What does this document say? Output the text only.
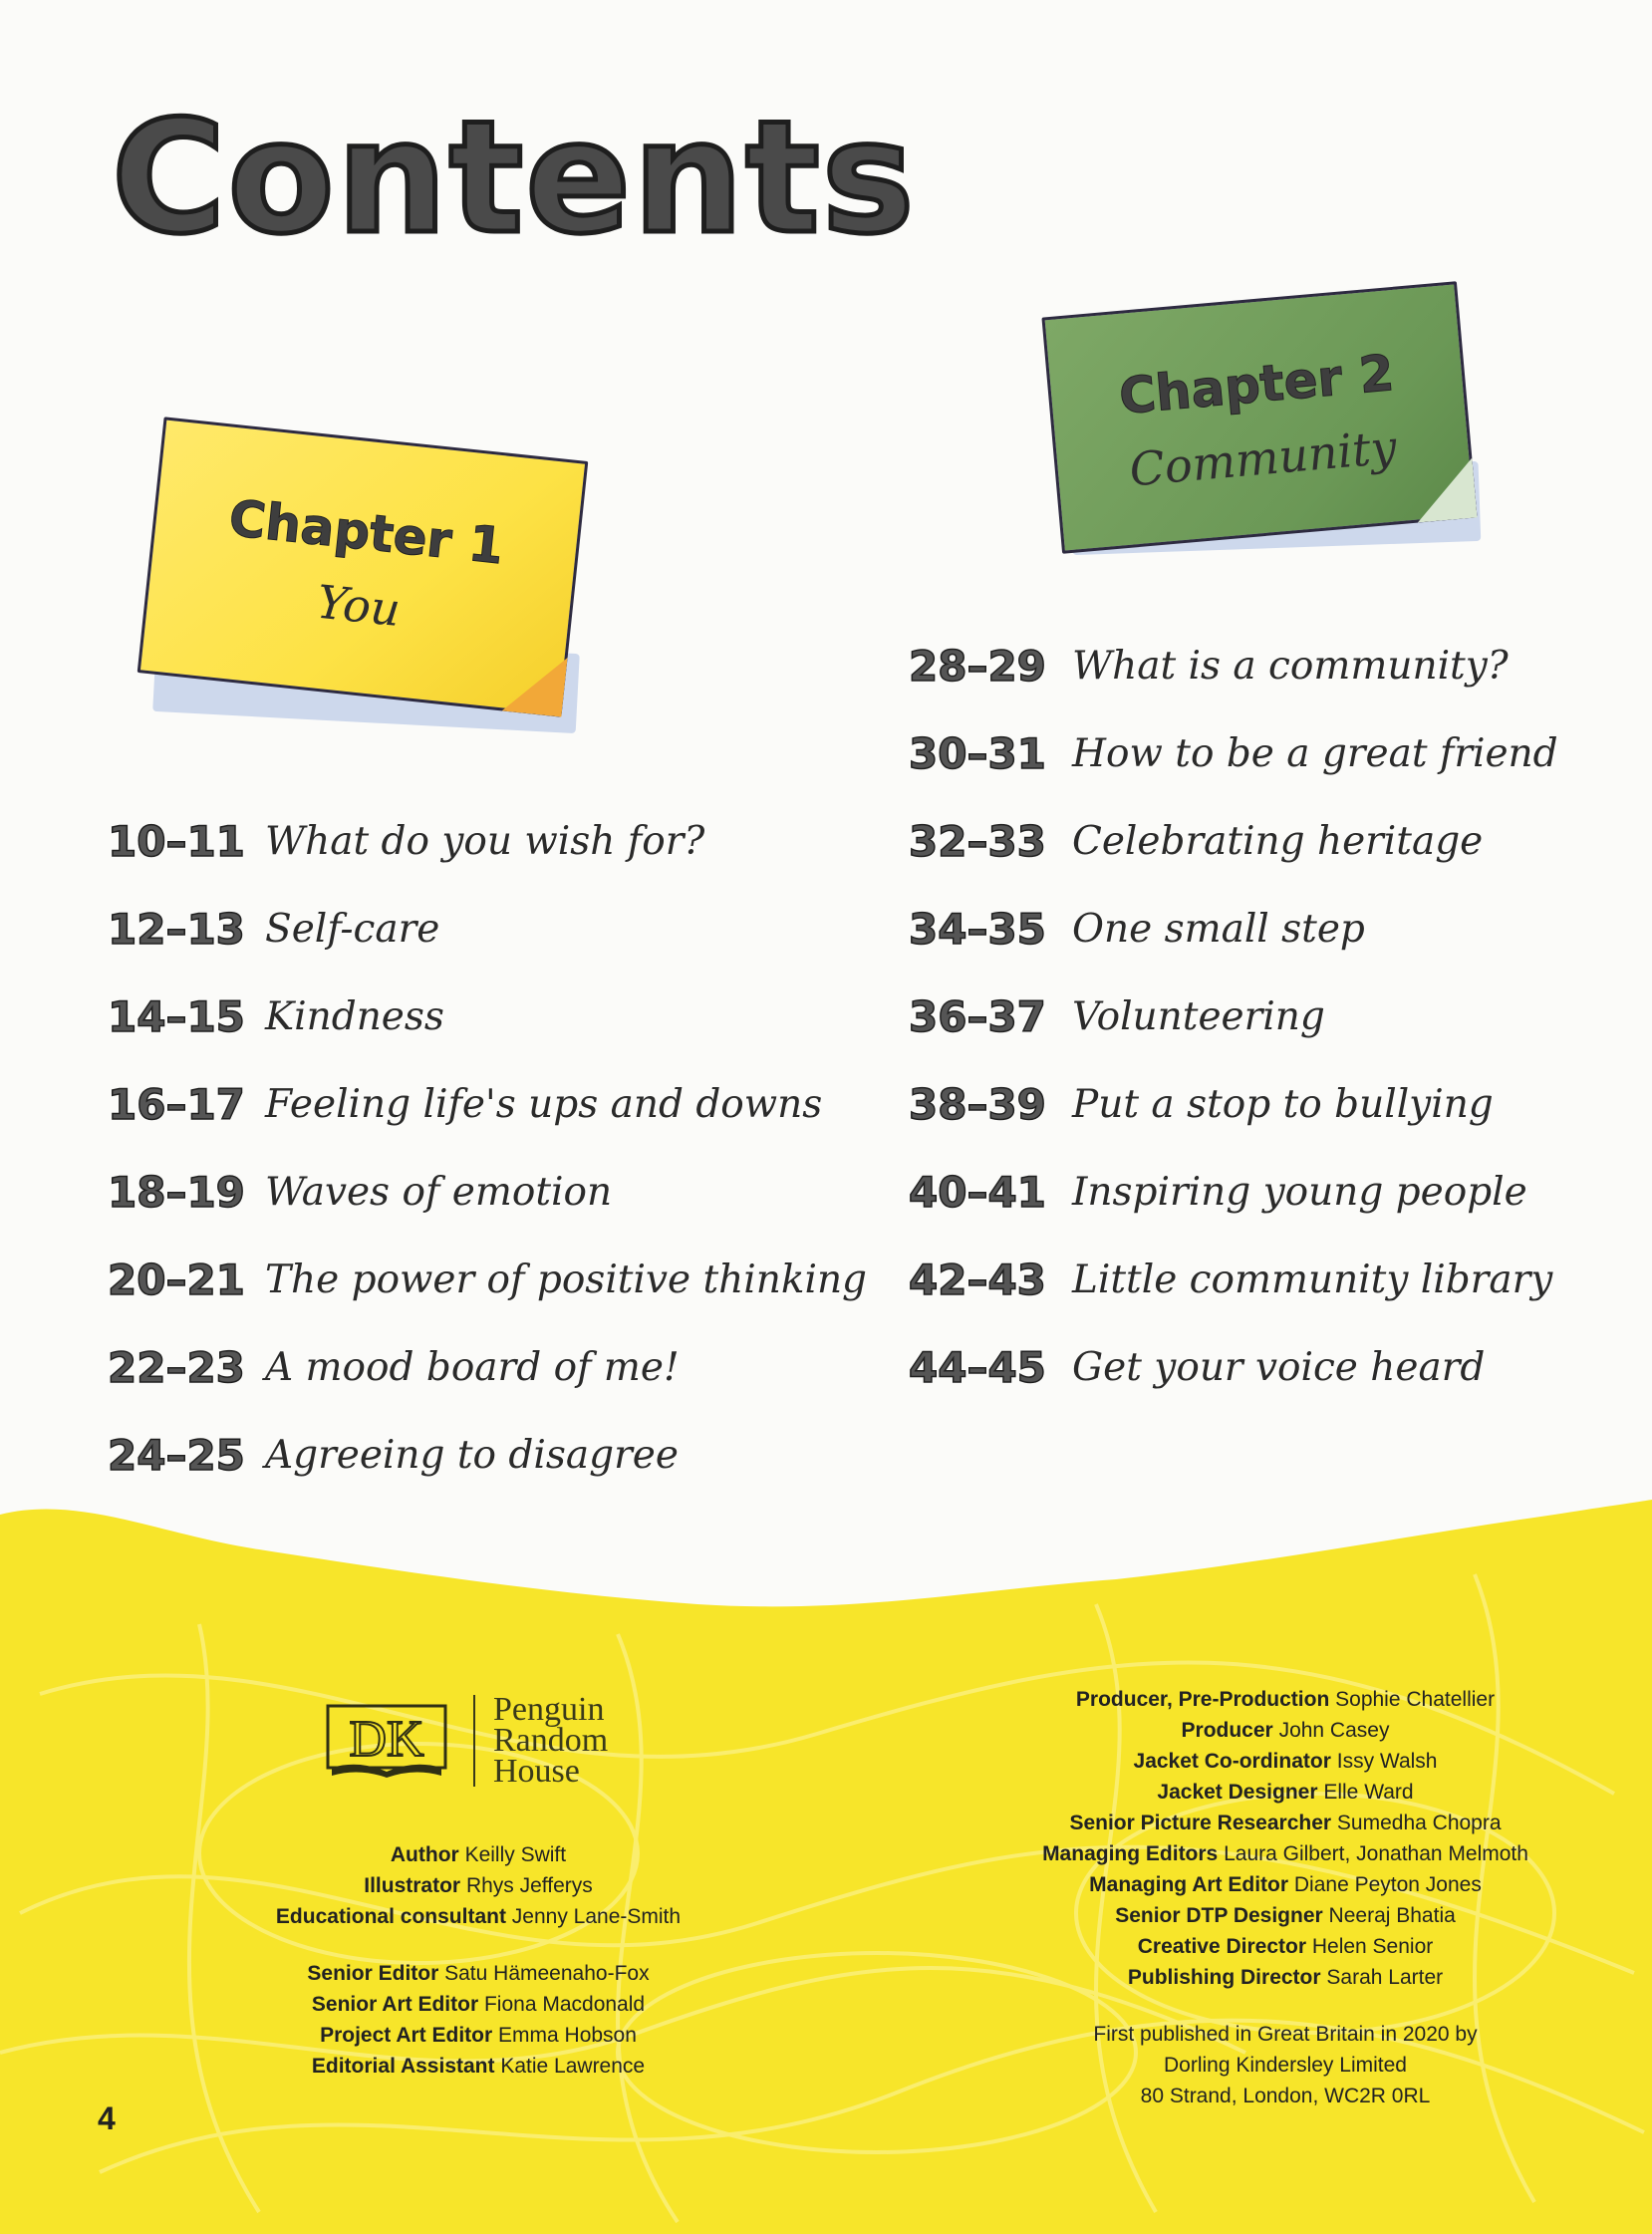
Contents
Chapter 1
You
Chapter 2
Community
10–11 What do you wish for?
12–13 Self-care
14–15 Kindness
16–17 Feeling life's ups and downs
18–19 Waves of emotion
20–21 The power of positive thinking
22–23 A mood board of me!
24–25 Agreeing to disagree
28–29 What is a community?
30–31 How to be a great friend
32–33 Celebrating heritage
34–35 One small step
36–37 Volunteering
38–39 Put a stop to bullying
40–41 Inspiring young people
42–43 Little community library
44–45 Get your voice heard
DK
Penguin
Random
House
Author Keilly Swift
Illustrator Rhys Jefferys
Educational consultant Jenny Lane-Smith
Senior Editor Satu Hämeenaho-Fox
Senior Art Editor Fiona Macdonald
Project Art Editor Emma Hobson
Editorial Assistant Katie Lawrence
Producer, Pre-Production Sophie Chatellier
Producer John Casey
Jacket Co-ordinator Issy Walsh
Jacket Designer Elle Ward
Senior Picture Researcher Sumedha Chopra
Managing Editors Laura Gilbert, Jonathan Melmoth
Managing Art Editor Diane Peyton Jones
Senior DTP Designer Neeraj Bhatia
Creative Director Helen Senior
Publishing Director Sarah Larter
First published in Great Britain in 2020 by
Dorling Kindersley Limited
80 Strand, London, WC2R 0RL
4
